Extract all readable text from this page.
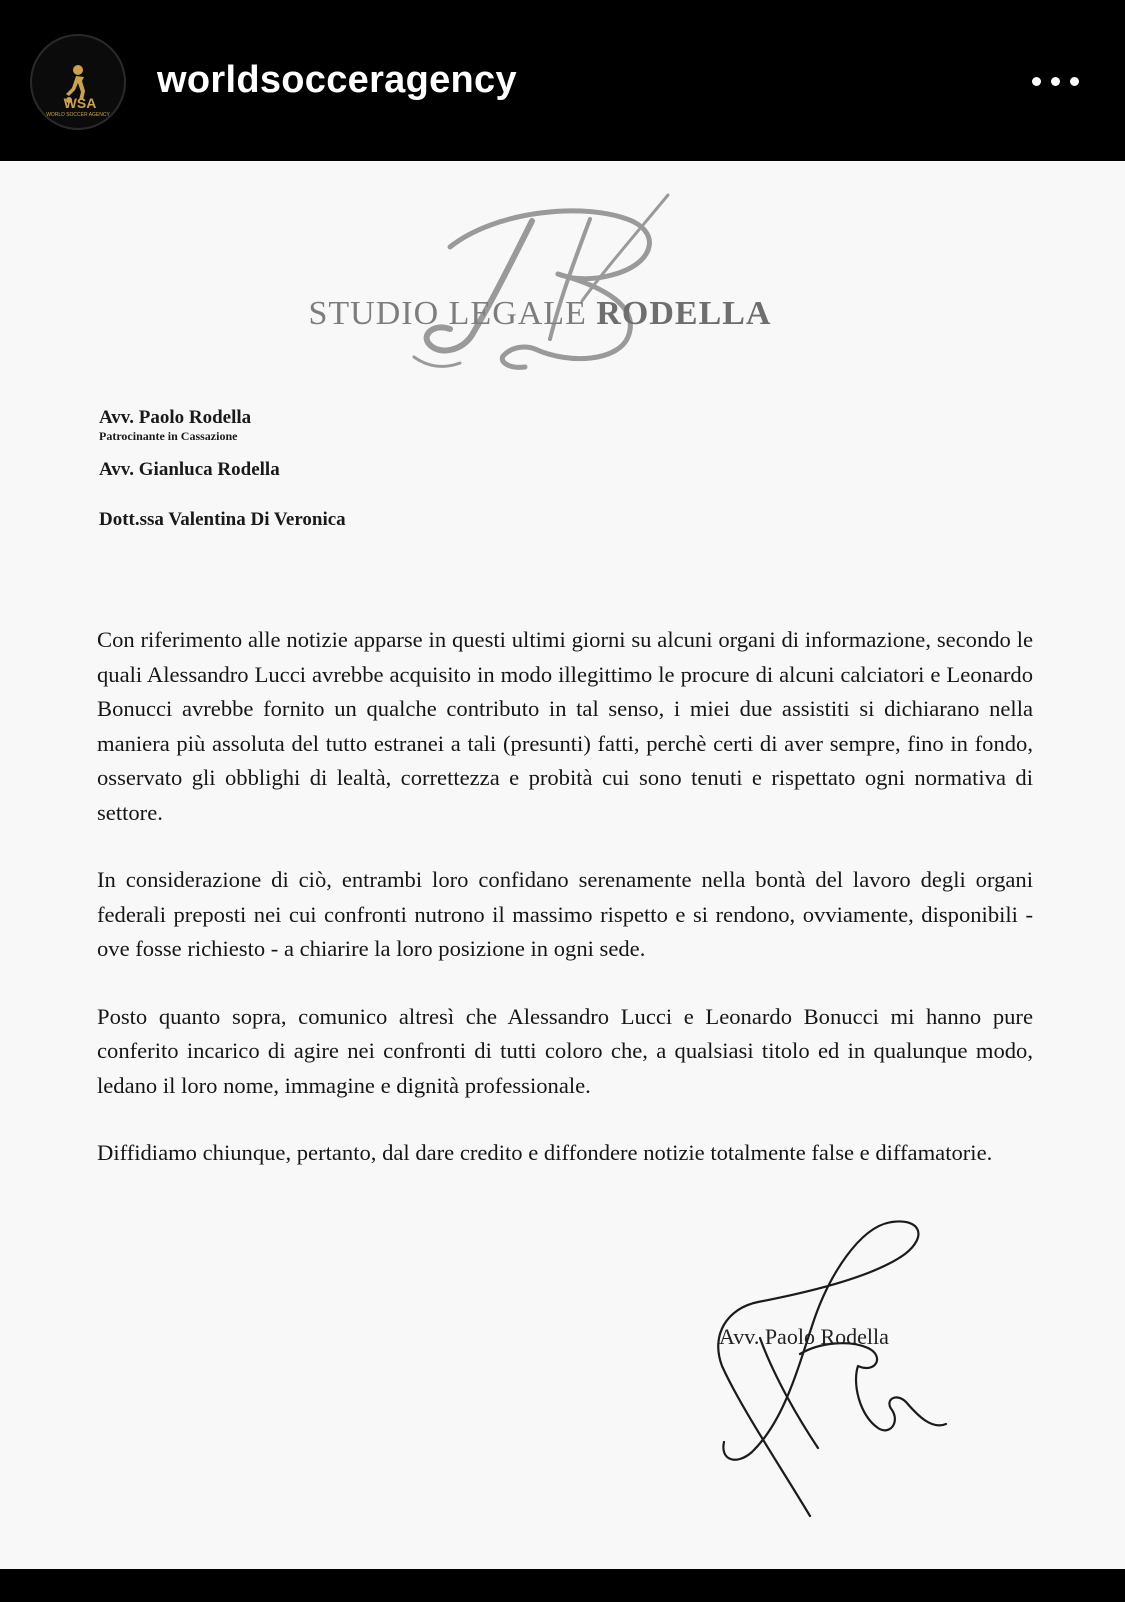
WSA
WORLD SOCCER AGENCY
worldsocceragency
STUDIO LEGALE RODELLA
Avv. Paolo Rodella
Patrocinante in Cassazione
Avv. Gianluca Rodella
Dott.ssa Valentina Di Veronica

Con riferimento alle notizie apparse in questi ultimi giorni su alcuni organi di informazione, secondo le quali Alessandro Lucci avrebbe acquisito in modo illegittimo le procure di alcuni calciatori e Leonardo Bonucci avrebbe fornito un qualche contributo in tal senso, i miei due assistiti si dichiarano nella maniera più assoluta del tutto estranei a tali (presunti) fatti, perchè certi di aver sempre, fino in fondo, osservato gli obblighi di lealtà, correttezza e probità cui sono tenuti e rispettato ogni normativa di settore.

In considerazione di ciò, entrambi loro confidano serenamente nella bontà del lavoro degli organi federali preposti nei cui confronti nutrono il massimo rispetto e si rendono, ovviamente, disponibili - ove fosse richiesto - a chiarire la loro posizione in ogni sede.

Posto quanto sopra, comunico altresì che Alessandro Lucci e Leonardo Bonucci mi hanno pure conferito incarico di agire nei confronti di tutti coloro che, a qualsiasi titolo ed in qualunque modo, ledano il loro nome, immagine e dignità professionale.

Diffidiamo chiunque, pertanto, dal dare credito e diffondere notizie totalmente false e diffamatorie.

Avv. Paolo Rodella
